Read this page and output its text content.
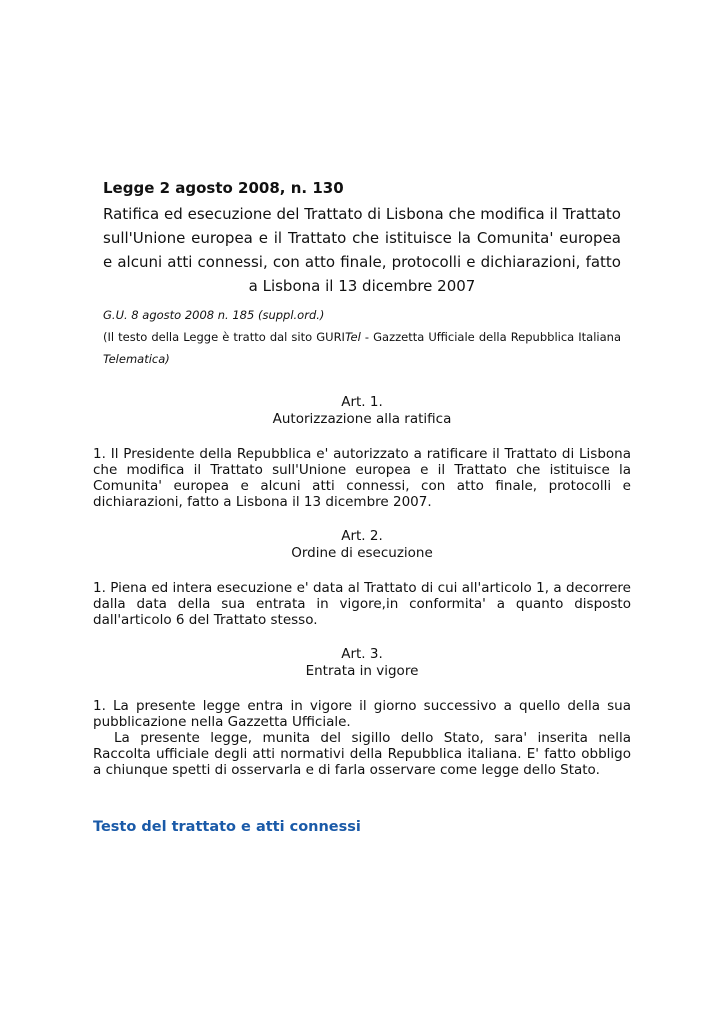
Legge 2 agosto 2008, n. 130

Ratifica ed esecuzione del Trattato di Lisbona che modifica il Trattato sull'Unione europea e il Trattato che istituisce la Comunita' europea e alcuni atti connessi, con atto finale, protocolli e dichiarazioni, fatto a Lisbona il 13 dicembre 2007

G.U. 8 agosto 2008 n. 185 (suppl.ord.)

(Il testo della Legge è tratto dal sito GURITel - Gazzetta Ufficiale della Repubblica Italiana Telematica)

Art. 1.

Autorizzazione alla ratifica

1. Il Presidente della Repubblica e' autorizzato a ratificare il Trattato di Lisbona che modifica il Trattato sull'Unione europea e il Trattato che istituisce la Comunita' europea e alcuni atti connessi, con atto finale, protocolli e dichiarazioni, fatto a Lisbona il 13 dicembre 2007.

Art. 2.

Ordine di esecuzione

1. Piena ed intera esecuzione e' data al Trattato di cui all'articolo 1, a decorrere dalla data della sua entrata in vigore,in conformita' a quanto disposto dall'articolo 6 del Trattato stesso.

Art. 3.

Entrata in vigore

1. La presente legge entra in vigore il giorno successivo a quello della sua pubblicazione nella Gazzetta Ufficiale.

La presente legge, munita del sigillo dello Stato, sara' inserita nella Raccolta ufficiale degli atti normativi della Repubblica italiana. E' fatto obbligo a chiunque spetti di osservarla e di farla osservare come legge dello Stato.

Testo del trattato e atti connessi
